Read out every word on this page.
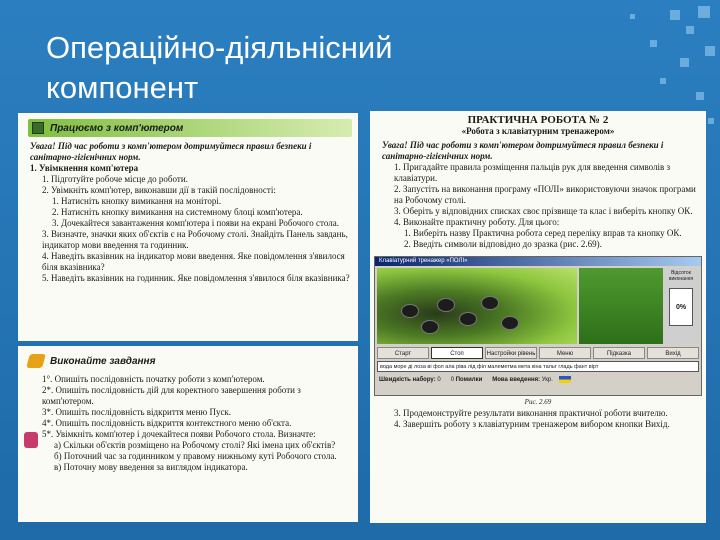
Операційно-діяльнісний компонент
Працюємо з комп'ютером

Увага! Під час роботи з комп'ютером дотримуйтеся правил безпеки і санітарно-гігієнічних норм.

1. Увімкнення комп'ютера

1. Підготуйте робоче місце до роботи.

2. Увімкніть комп'ютер, виконавши дії в такій послідовності:

1. Натисніть кнопку вимикання на моніторі.

2. Натисніть кнопку вимикання на системному блоці комп'ютера.

3. Дочекайтеся завантаження комп'ютера і появи на екрані Робочого стола.

3. Визначте, значки яких об'єктів є на Робочому столі. Знайдіть Панель завдань, індикатор мови введення та годинник.

4. Наведіть вказівник на індикатор мови введення. Яке повідомлення з'явилося біля вказівника?

5. Наведіть вказівник на годинник. Яке повідомлення з'явилося біля вказівника?

Виконайте завдання

1°. Опишіть послідовність початку роботи з комп'ютером.

2*. Опишіть послідовність дій для коректного завершення роботи з комп'ютером.

3*. Опишіть послідовність відкриття меню Пуск.

4*. Опишіть послідовність відкриття контекстного меню об'єкта.

5*. Увімкніть комп'ютер і дочекайтеся появи Робочого стола. Визначте:

а) Скільки об'єктів розміщено на Робочому столі? Які імена цих об'єктів?

б) Поточний час за годинником у правому нижньому куті Робочого стола.

в) Поточну мову введення за виглядом індикатора.

ПРАКТИЧНА РОБОТА № 2
«Робота з клавіатурним тренажером»

Увага! Під час роботи з комп'ютером дотримуйтеся правил безпеки і санітарно-гігієнічних норм.

1. Пригадайте правила розміщення пальців рук для введення символів з клавіатури.

2. Запустіть на виконання програму «ПОЛІ» використовуючи значок програми на Робочому столі.

3. Оберіть у відповідних списках своє прізвище та клас і виберіть кнопку ОК.

4. Виконайте практичну роботу. Для цього:

1. Виберіть назву Практична робота серед переліку вправ та кнопку ОК.

2. Введіть символи відповідно до зразка (рис. 2.69).

Клавіатурний тренажер «ПОЛІ»
Відсоток виконання
0%
Старт	Стоп	Настройки рівень	Меню	Підказка	Вихід
вода море ді лоза ві фол ала ріва лід філ малеметма мета кіна тальт гладь фант вірт
Швидкість набору: 0 0 Помилки Мова введення: Укр.
Рис. 2.69

3. Продемонструйте результати виконання практичної роботи вчителю.

4. Завершіть роботу з клавіатурним тренажером вибором кнопки Вихід.
